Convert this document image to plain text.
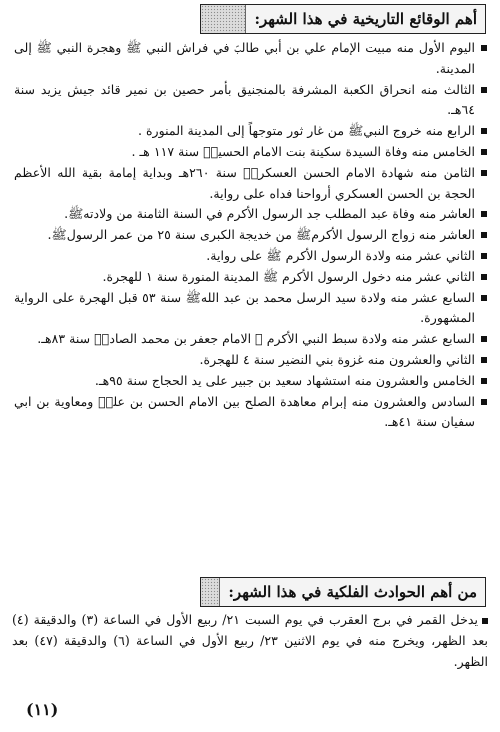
أهم الوقائع التاريخية في هذا الشهر:
اليوم الأول منه مبيت الإمام علي بن أبي طالبؑ في فراش النبي ﷺ وهجرة النبي ﷺ إلى المدينة.
الثالث منه انحراق الكعبة المشرفة بالمنجنيق بأمر حصين بن نمير قائد جيش يزيد سنة ٦٤هـ.
الرابع منه خروج النبيﷺ من غار ثور متوجهاً إلى المدينة المنورة .
الخامس منه وفاة السيدة سكينة بنت الامام الحسينؑ سنة ١١٧ هـ .
الثامن منه شهادة الامام الحسن العسكريؑ سنة ٢٦٠هـ وبداية إمامة بقية الله الأعظم الحجة بن الحسن العسكري أرواحنا فداه على رواية.
العاشر منه وفاة عبد المطلب جد الرسول الأكرم في السنة الثامنة من ولادتهﷺ.
العاشر منه زواج الرسول الأكرمﷺ من خديجة الكبرى سنة ٢٥ من عمر الرسولﷺ.
الثاني عشر منه ولادة الرسول الأكرم ﷺ على رواية.
الثاني عشر منه دخول الرسول الأكرم ﷺ المدينة المنورة سنة ١ للهجرة.
السابع عشر منه ولادة سيد الرسل محمد بن عبد اللهﷺ سنة ٥٣ قبل الهجرة على الرواية المشهورة.
السابع عشر منه ولادة سبط النبي الأكرم ﷺ الامام جعفر بن محمد الصادقؑ سنة ٨٣هـ.
الثاني والعشرون منه غزوة بني النضير سنة ٤ للهجرة.
الخامس والعشرون منه استشهاد سعيد بن جبير على يد الحجاج سنة ٩٥هـ.
السادس والعشرون منه إبرام معاهدة الصلح بين الامام الحسن بن عليؑ ومعاوية بن ابي سفيان سنة ٤١هـ.
من أهم الحوادث الفلكية في هذا الشهر:

يدخل القمر في برج العقرب في يوم السبت ٢١/ ربيع الأول في الساعة (٣) والدقيقة (٤) بعد الظهر، ويخرج منه في يوم الاثنين ٢٣/ ربيع الأول في الساعة (٦) والدقيقة (٤٧) بعد الظهر.

(١١)
